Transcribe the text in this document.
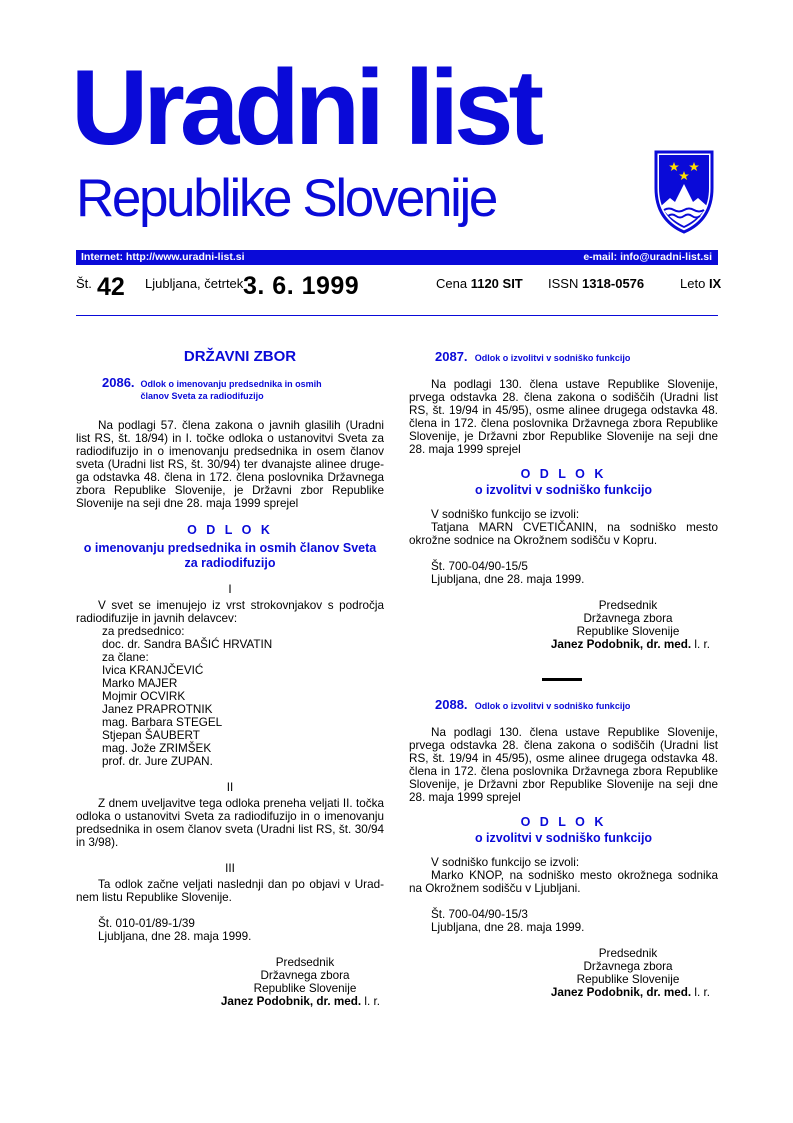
Uradni list
Republike Slovenije
Internet: http://www.uradni-list.si	e-mail: info@uradni-list.si
Št. 42 Ljubljana, četrtek 3. 6. 1999	Cena 1120 SIT ISSN 1318-0576	Leto IX

DRŽAVNI ZBOR

2086. Odlok o imenovanju predsednika in osmih
članov Sveta za radiodifuzijo

Na podlagi 57. člena zakona o javnih glasilih (Uradni list RS, št. 18/94) in I. točke odloka o ustanovitvi Sveta za radiodifuzijo in o imenovanju predsednika in osem članov sveta (Uradni list RS, št. 30/94) ter dvanajste alinee drugega odstavka 48. člena in 172. člena poslovnika Državnega zbora Republike Slovenije, je Državni zbor Republike Slovenije na seji dne 28. maja 1999 sprejel

O D L O K

o imenovanju predsednika in osmih članov Sveta za radiodifuzijo

I

V svet se imenujejo iz vrst strokovnjakov s področja radiodifuzije in javnih delavcev:

za predsednico:

doc. dr. Sandra BAŠIĆ HRVATIN

za člane:

Ivica KRANJČEVIĆ

Marko MAJER

Mojmir OCVIRK

Janez PRAPROTNIK

mag. Barbara STEGEL

Stjepan ŠAUBERT

mag. Jože ZRIMŠEK

prof. dr. Jure ZUPAN.

II

Z dnem uveljavitve tega odloka preneha veljati II. točka odloka o ustanovitvi Sveta za radiodifuzijo in o imenovanju predsednika in osem članov sveta (Uradni list RS, št. 30/94 in 3/98).

III

Ta odlok začne veljati naslednji dan po objavi v Uradnem listu Republike Slovenije.

Št. 010-01/89-1/39

Ljubljana, dne 28. maja 1999.

Predsednik

Državnega zbora

Republike Slovenije

Janez Podobnik, dr. med. l. r.

2087. Odlok o izvolitvi v sodniško funkcijo

Na podlagi 130. člena ustave Republike Slovenije, prvega odstavka 28. člena zakona o sodiščih (Uradni list RS, št. 19/94 in 45/95), osme alinee drugega odstavka 48. člena in 172. člena poslovnika Državnega zbora Republike Slovenije, je Državni zbor Republike Slovenije na seji dne 28. maja 1999 sprejel

O D L O K

o izvolitvi v sodniško funkcijo

V sodniško funkcijo se izvoli:

Tatjana MARN CVETIČANIN, na sodniško mesto okrožne sodnice na Okrožnem sodišču v Kopru.

Št. 700-04/90-15/5

Ljubljana, dne 28. maja 1999.

Predsednik

Državnega zbora

Republike Slovenije

Janez Podobnik, dr. med. l. r.

2088. Odlok o izvolitvi v sodniško funkcijo

Na podlagi 130. člena ustave Republike Slovenije, prvega odstavka 28. člena zakona o sodiščih (Uradni list RS, št. 19/94 in 45/95), osme alinee drugega odstavka 48. člena in 172. člena poslovnika Državnega zbora Republike Slovenije, je Državni zbor Republike Slovenije na seji dne 28. maja 1999 sprejel

O D L O K

o izvolitvi v sodniško funkcijo

V sodniško funkcijo se izvoli:

Marko KNOP, na sodniško mesto okrožnega sodnika na Okrožnem sodišču v Ljubljani.

Št. 700-04/90-15/3

Ljubljana, dne 28. maja 1999.

Predsednik

Državnega zbora

Republike Slovenije

Janez Podobnik, dr. med. l. r.
